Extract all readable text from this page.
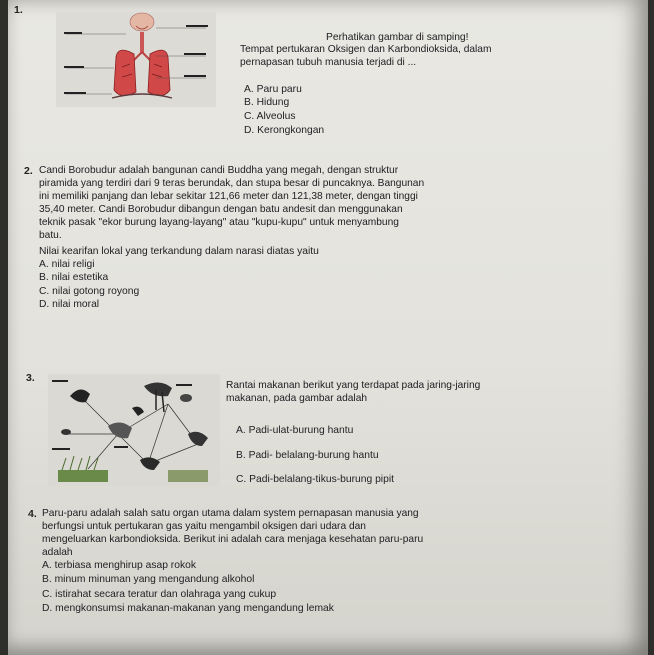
1.
Perhatikan gambar di samping!
Tempat pertukaran Oksigen dan Karbondioksida, dalam
pernapasan tubuh manusia terjadi di ...
A. Paru paru
B. Hidung
C. Alveolus
D. Kerongkongan
2. Candi Borobudur adalah bangunan candi Buddha yang megah, dengan struktur
piramida yang terdiri dari 9 teras berundak, dan stupa besar di puncaknya. Bangunan
ini memiliki panjang dan lebar sekitar 121,66 meter dan 121,38 meter, dengan tinggi
35,40 meter. Candi Borobudur dibangun dengan batu andesit dan menggunakan
teknik pasak "ekor burung layang-layang" atau "kupu-kupu" untuk menyambung
batu.
Nilai kearifan lokal yang terkandung dalam narasi diatas yaitu
A. nilai religi
B. nilai estetika
C. nilai gotong royong
D. nilai moral
3.
Rantai makanan berikut yang terdapat pada jaring-jaring
makanan, pada gambar adalah
A. Padi-ulat-burung hantu
B. Padi- belalang-burung hantu
C. Padi-belalang-tikus-burung pipit
4. Paru-paru adalah salah satu organ utama dalam system pernapasan manusia yang
berfungsi untuk pertukaran gas yaitu mengambil oksigen dari udara dan
mengeluarkan karbondioksida. Berikut ini adalah cara menjaga kesehatan paru-paru
adalah
A. terbiasa menghirup asap rokok
B. minum minuman yang mengandung alkohol
C. istirahat secara teratur dan olahraga yang cukup
D. mengkonsumsi makanan-makanan yang mengandung lemak
